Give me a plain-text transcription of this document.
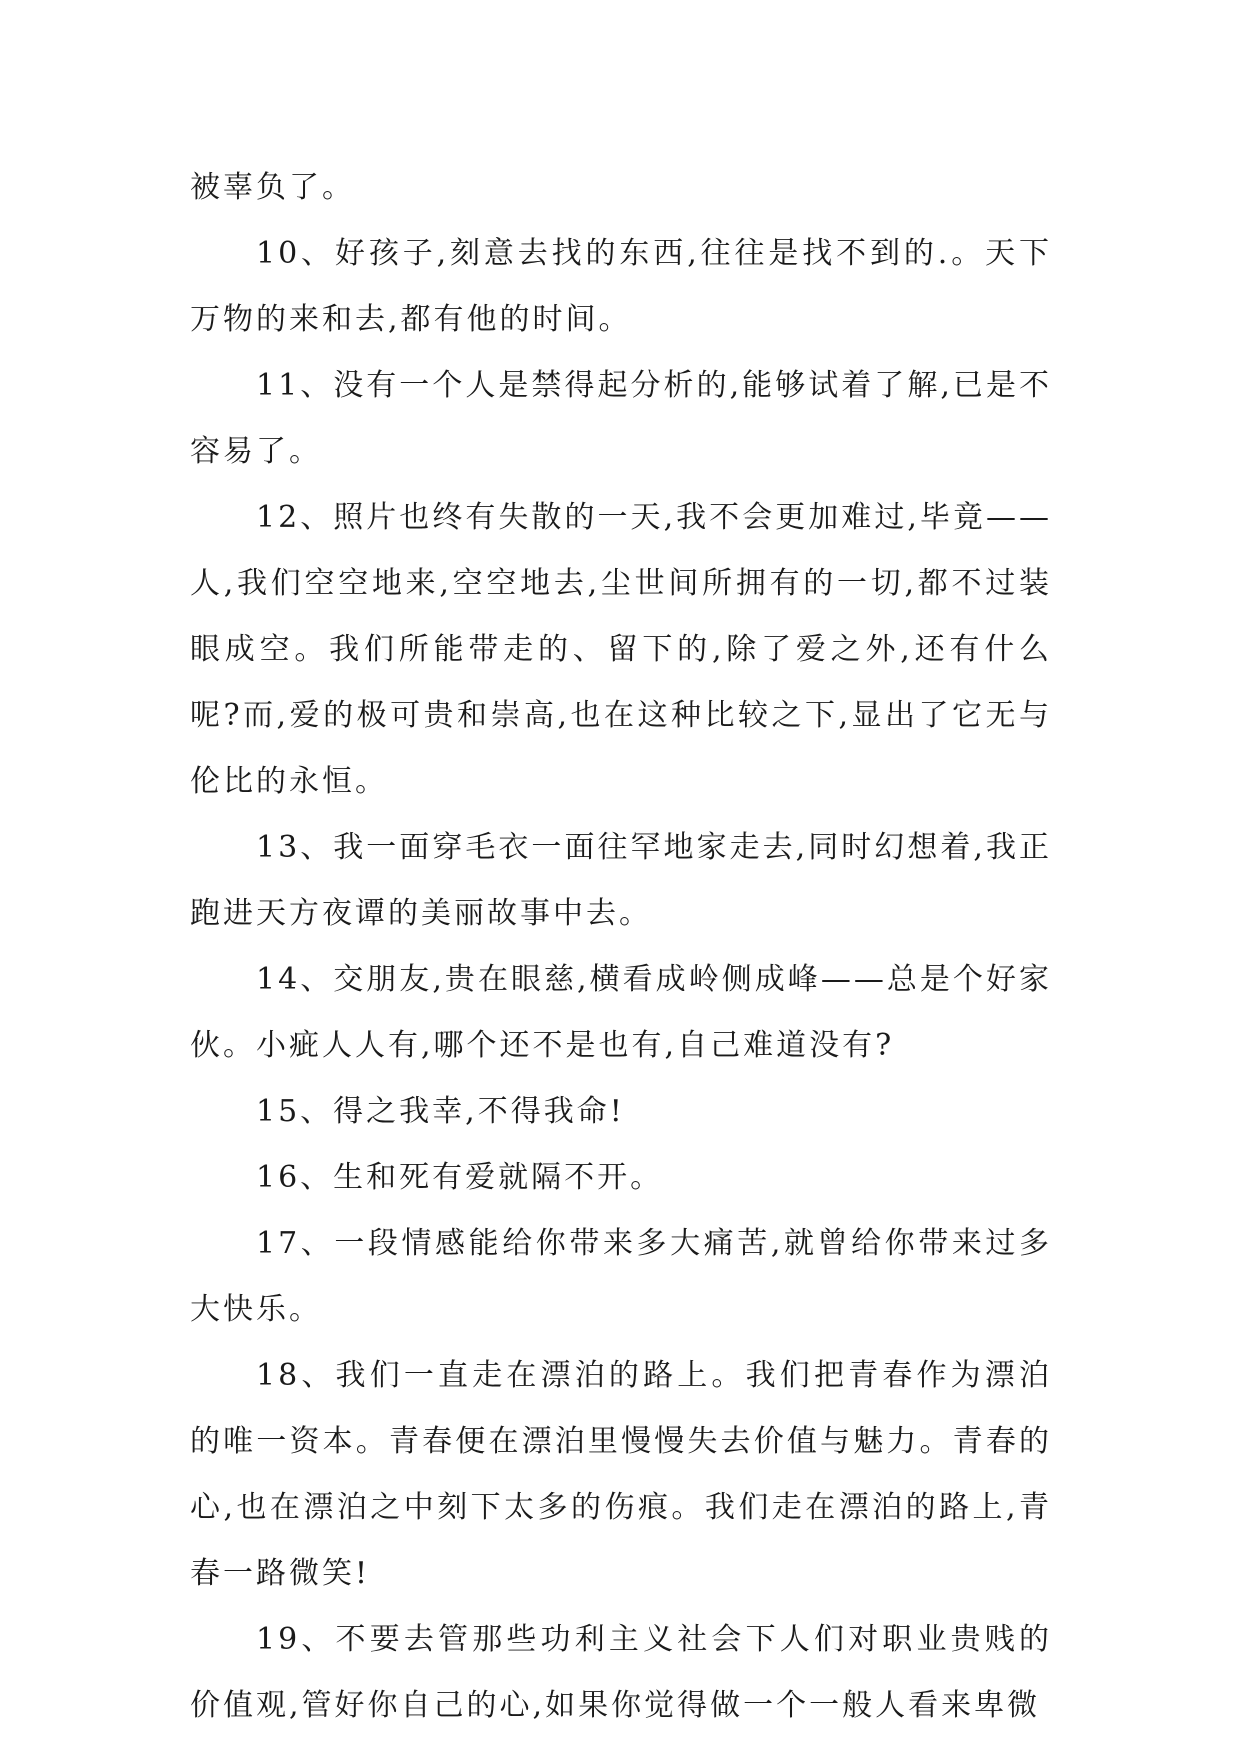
被辜负了。

10、好孩子,刻意去找的东西,往往是找不到的.。天下万物的来和去,都有他的时间。

11、没有一个人是禁得起分析的,能够试着了解,已是不容易了。

12、照片也终有失散的一天,我不会更加难过,毕竟——人,我们空空地来,空空地去,尘世间所拥有的一切,都不过装眼成空。我们所能带走的、留下的,除了爱之外,还有什么呢?而,爱的极可贵和崇高,也在这种比较之下,显出了它无与伦比的永恒。

13、我一面穿毛衣一面往罕地家走去,同时幻想着,我正跑进天方夜谭的美丽故事中去。

14、交朋友,贵在眼慈,横看成岭侧成峰——总是个好家伙。小疵人人有,哪个还不是也有,自己难道没有?

15、得之我幸,不得我命!

16、生和死有爱就隔不开。

17、一段情感能给你带来多大痛苦,就曾给你带来过多大快乐。

18、我们一直走在漂泊的路上。我们把青春作为漂泊的唯一资本。青春便在漂泊里慢慢失去价值与魅力。青春的心,也在漂泊之中刻下太多的伤痕。我们走在漂泊的路上,青春一路微笑!

19、不要去管那些功利主义社会下人们对职业贵贱的价值观,管好你自己的心,如果你觉得做一个一般人看来卑微
